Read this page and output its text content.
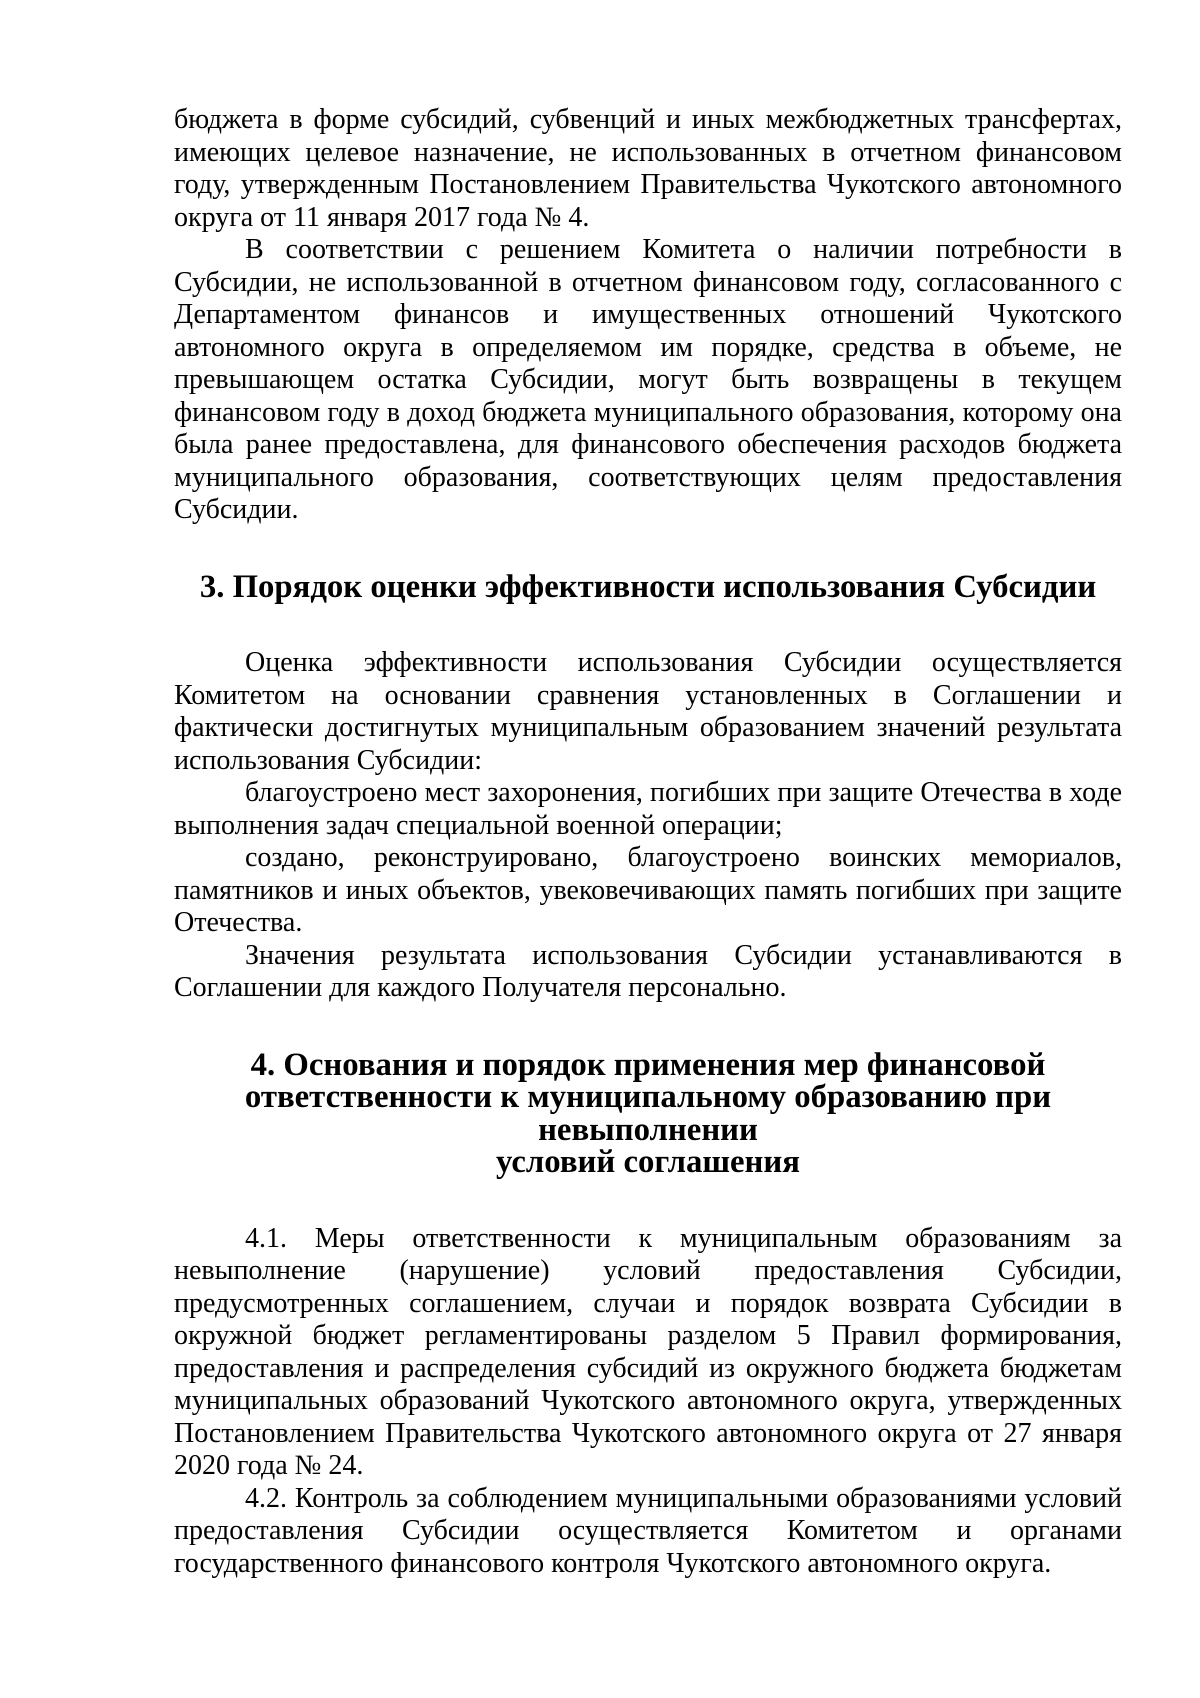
бюджета в форме субсидий, субвенций и иных межбюджетных трансфертах, имеющих целевое назначение, не использованных в отчетном финансовом году, утвержденным Постановлением Правительства Чукотского автономного округа от 11 января 2017 года № 4.

В соответствии с решением Комитета о наличии потребности в Субсидии, не использованной в отчетном финансовом году, согласованного с Департаментом финансов и имущественных отношений Чукотского автономного округа в определяемом им порядке, средства в объеме, не превышающем остатка Субсидии, могут быть возвращены в текущем финансовом году в доход бюджета муниципального образования, которому она была ранее предоставлена, для финансового обеспечения расходов бюджета муниципального образования, соответствующих целям предоставления Субсидии.

3. Порядок оценки эффективности использования Субсидии

Оценка эффективности использования Субсидии осуществляется Комитетом на основании сравнения установленных в Соглашении и фактически достигнутых муниципальным образованием значений результата использования Субсидии:

благоустроено мест захоронения, погибших при защите Отечества в ходе выполнения задач специальной военной операции;

создано, реконструировано, благоустроено воинских мемориалов, памятников и иных объектов, увековечивающих память погибших при защите Отечества.

Значения результата использования Субсидии устанавливаются в Соглашении для каждого Получателя персонально.

4. Основания и порядок применения мер финансовой
ответственности к муниципальному образованию при невыполнении
условий соглашения

4.1. Меры ответственности к муниципальным образованиям за невыполнение (нарушение) условий предоставления Субсидии, предусмотренных соглашением, случаи и порядок возврата Субсидии в окружной бюджет регламентированы разделом 5 Правил формирования, предоставления и распределения субсидий из окружного бюджета бюджетам муниципальных образований Чукотского автономного округа, утвержденных Постановлением Правительства Чукотского автономного округа от 27 января 2020 года № 24.

4.2. Контроль за соблюдением муниципальными образованиями условий предоставления Субсидии осуществляется Комитетом и органами государственного финансового контроля Чукотского автономного округа.
